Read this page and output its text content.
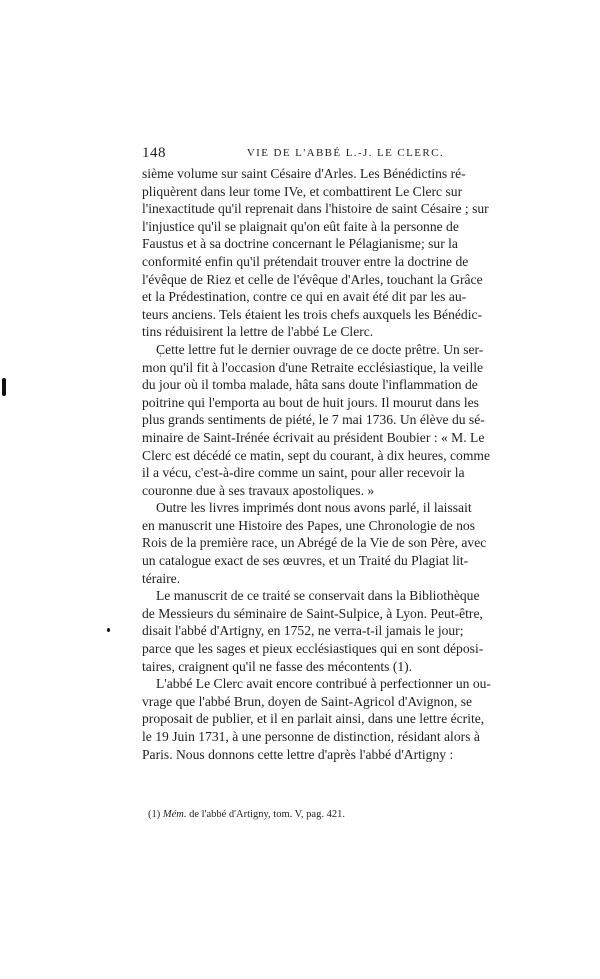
148	VIE DE L'ABBÉ L.-J. LE CLERC.

sième volume sur saint Césaire d'Arles. Les Bénédictins ré-
pliquèrent dans leur tome IVe, et combattirent Le Clerc sur
l'inexactitude qu'il reprenait dans l'histoire de saint Césaire ; sur
l'injustice qu'il se plaignait qu'on eût faite à la personne de
Faustus et à sa doctrine concernant le Pélagianisme; sur la
conformité enfin qu'il prétendait trouver entre la doctrine de
l'évêque de Riez et celle de l'évêque d'Arles, touchant la Grâce
et la Prédestination, contre ce qui en avait été dit par les au-
teurs anciens. Tels étaient les trois chefs auxquels les Bénédic-
tins réduisirent la lettre de l'abbé Le Clerc.

Cette lettre fut le dernier ouvrage de ce docte prêtre. Un ser-
mon qu'il fit à l'occasion d'une Retraite ecclésiastique, la veille
du jour où il tomba malade, hâta sans doute l'inflammation de
poitrine qui l'emporta au bout de huit jours. Il mourut dans les
plus grands sentiments de piété, le 7 mai 1736. Un élève du sé-
minaire de Saint-Irénée écrivait au président Boubier : « M. Le
Clerc est décédé ce matin, sept du courant, à dix heures, comme
il a vécu, c'est-à-dire comme un saint, pour aller recevoir la
couronne due à ses travaux apostoliques. »

Outre les livres imprimés dont nous avons parlé, il laissait
en manuscrit une Histoire des Papes, une Chronologie de nos
Rois de la première race, un Abrégé de la Vie de son Père, avec
un catalogue exact de ses œuvres, et un Traité du Plagiat lit-
téraire.

Le manuscrit de ce traité se conservait dans la Bibliothèque
de Messieurs du séminaire de Saint-Sulpice, à Lyon. Peut-être,
disait l'abbé d'Artigny, en 1752, ne verra-t-il jamais le jour;
parce que les sages et pieux ecclésiastiques qui en sont déposi-
taires, craignent qu'il ne fasse des mécontents (1).

L'abbé Le Clerc avait encore contribué à perfectionner un ou-
vrage que l'abbé Brun, doyen de Saint-Agricol d'Avignon, se
proposait de publier, et il en parlait ainsi, dans une lettre écrite,
le 19 Juin 1731, à une personne de distinction, résidant alors à
Paris. Nous donnons cette lettre d'après l'abbé d'Artigny :

(1) Mém. de l'abbé d'Artigny, tom. V, pag. 421.
